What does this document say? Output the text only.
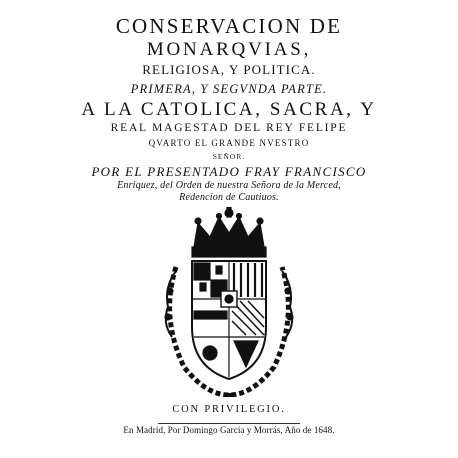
CONSERVACION DE
MONARQVIAS,
RELIGIOSA, Y POLITICA.
PRIMERA, Y SEGVNDA PARTE.
A LA CATOLICA, SACRA, Y
REAL MAGESTAD DEL REY FELIPE
QVARTO EL GRANDE NVESTRO
SEÑOR.
POR EL PRESENTADO FRAY FRANCISCO
Enriquez, del Orden de nuestra Señora de la Merced,
Redencion de Cautiuos.
CON PRIVILEGIO.
En Madrid, Por Domingo García y Morrás, Año de 1648.
